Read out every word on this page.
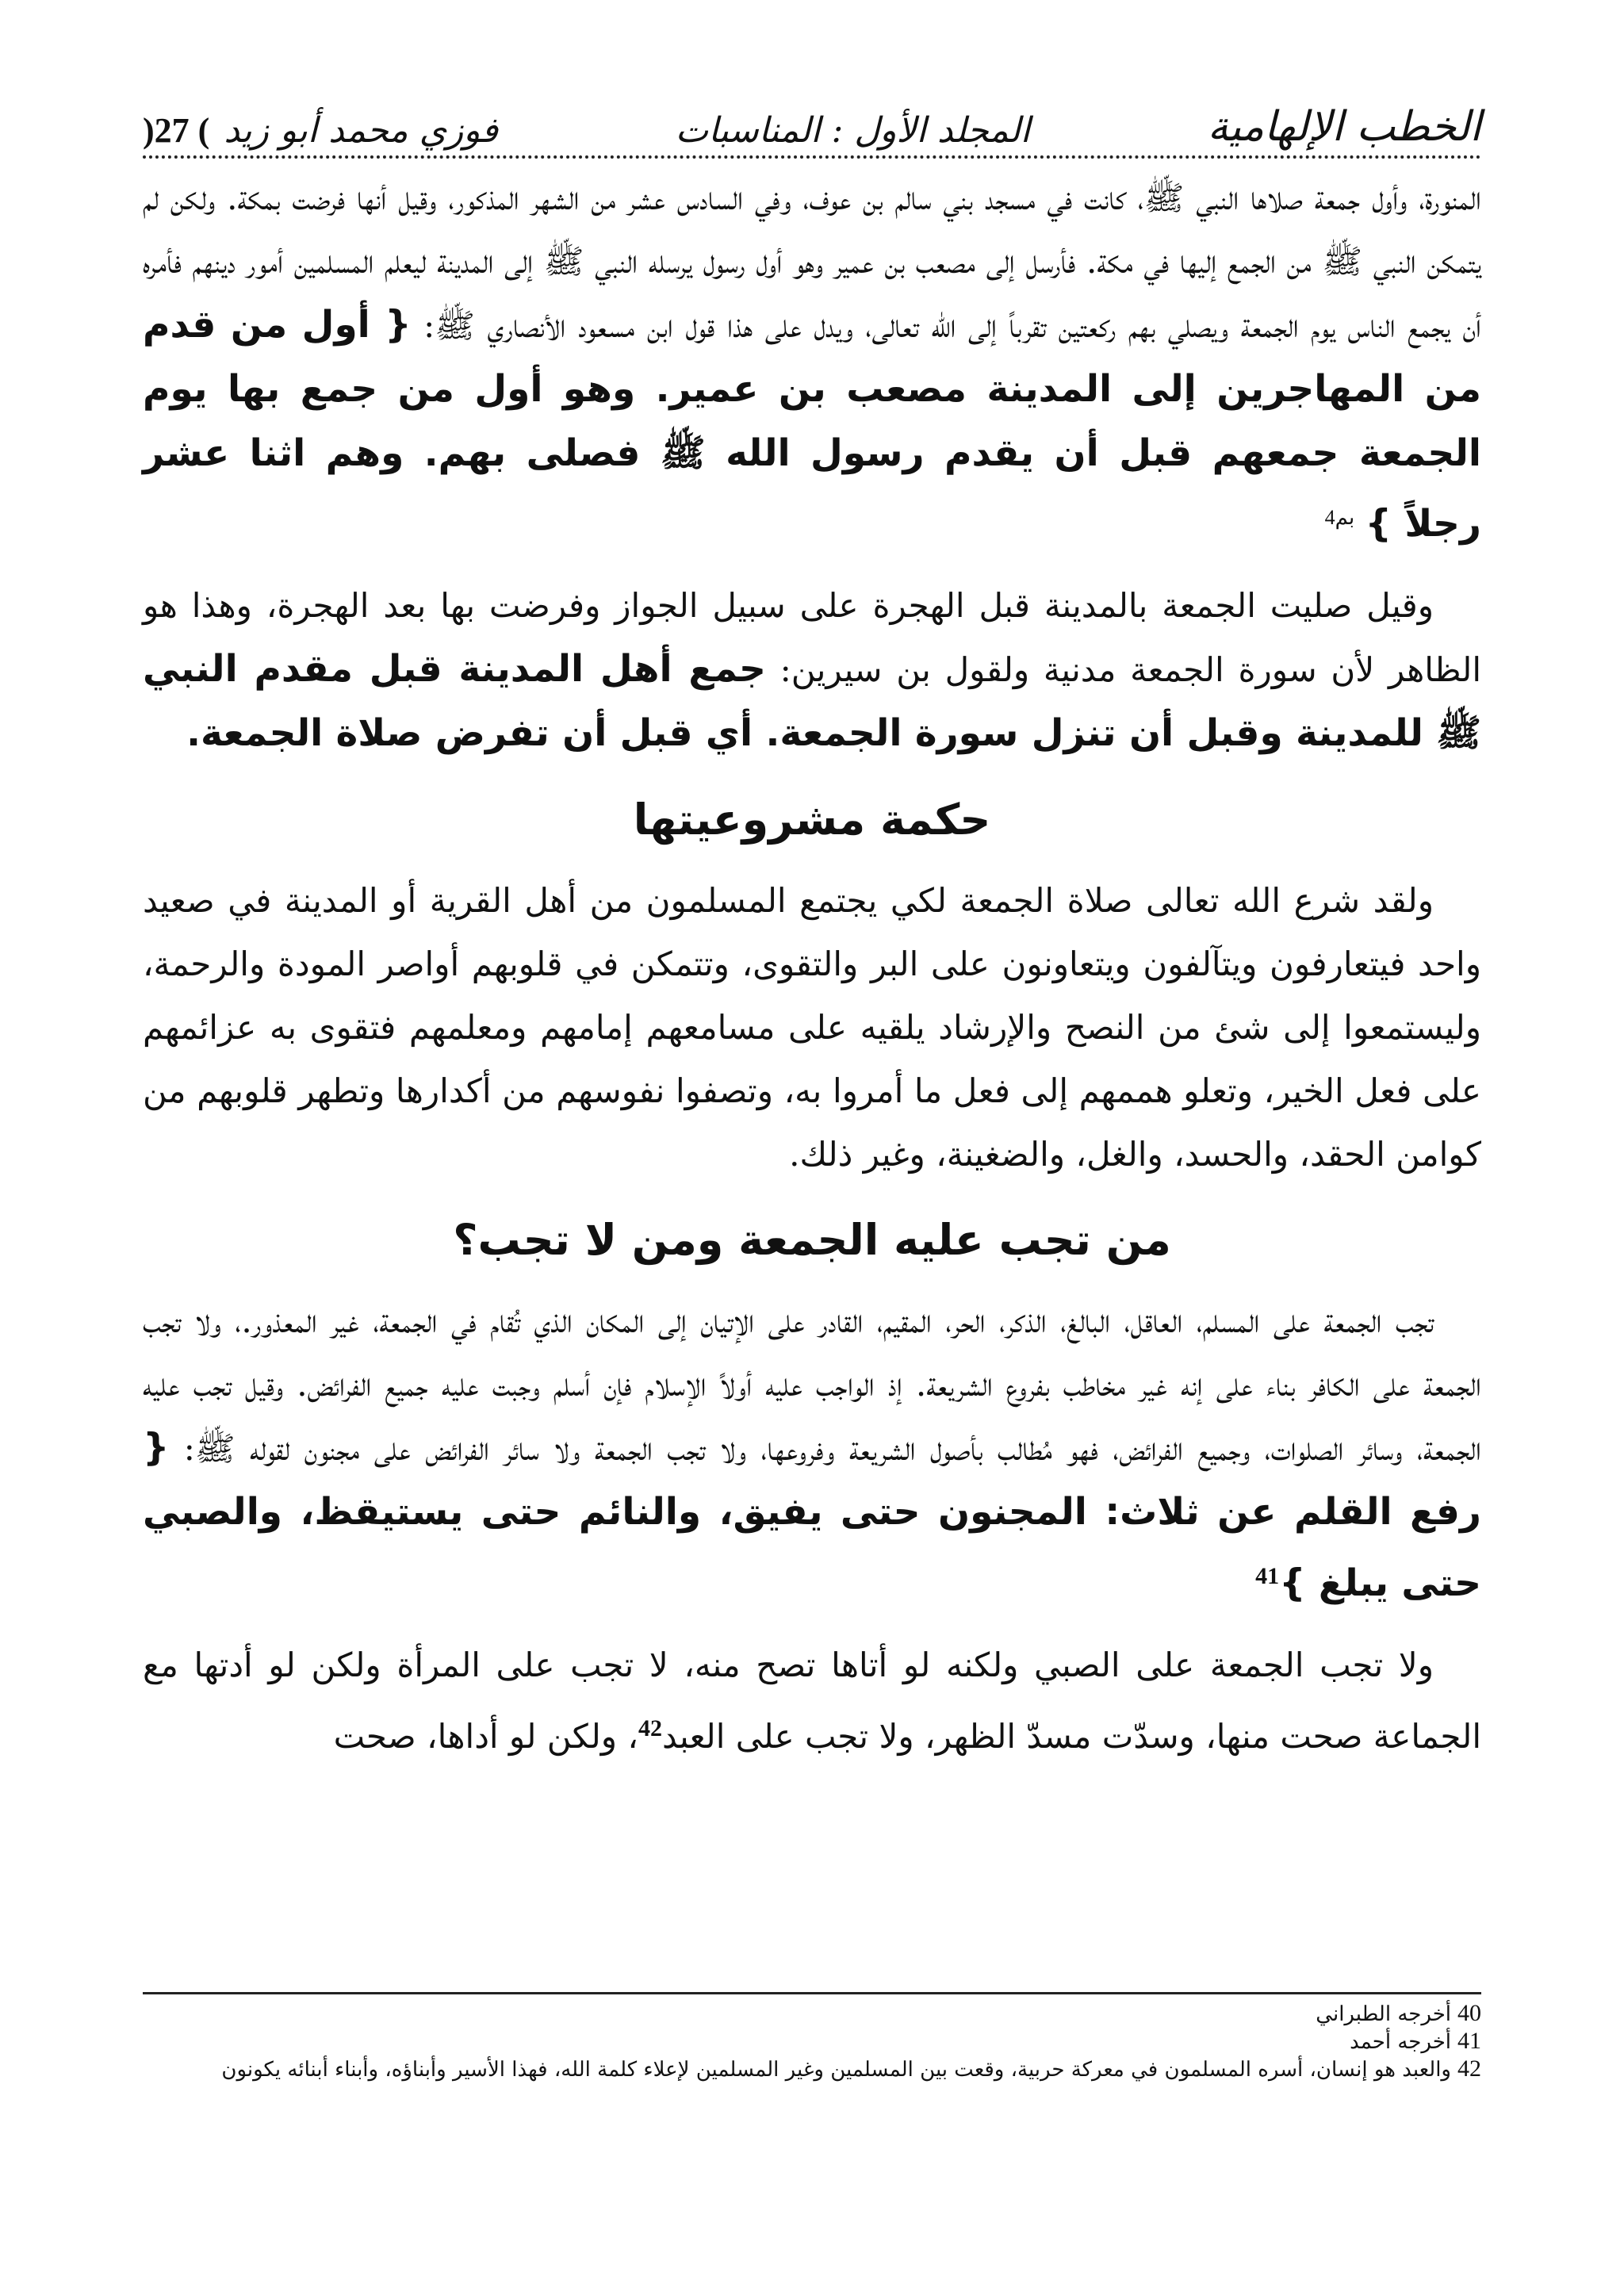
الخطب الإلهامية
المجلد الأول : المناسبات
فوزي محمد أبو زيد
)27 (

المنورة، وأول جمعة صلاها النبي ﷺ، كانت في مسجد بني سالم بن عوف، وفي السادس عشر من الشهر المذكور، وقيل أنها فرضت بمكة. ولكن لم يتمكن النبي ﷺ من الجمع إليها في مكة. فأرسل إلى مصعب بن عمير وهو أول رسول يرسله النبي ﷺ إلى المدينة ليعلم المسلمين أمور دينهم فأمره أن يجمع الناس يوم الجمعة ويصلي بهم ركعتين تقرباً إلى الله تعالى، ويدل على هذا قول ابن مسعود الأنصاري ﷺ: { أول من قدم من المهاجرين إلى المدينة مصعب بن عمير. وهو أول من جمع بها يوم الجمعة جمعهم قبل أن يقدم رسول الله ﷺ فصلى بهم. وهم اثنا عشر رجلاً } $^{4بم}$

وقيل صليت الجمعة بالمدينة قبل الهجرة على سبيل الجواز وفرضت بها بعد الهجرة، وهذا هو الظاهر لأن سورة الجمعة مدنية ولقول بن سيرين: جمع أهل المدينة قبل مقدم النبي ﷺ للمدينة وقبل أن تنزل سورة الجمعة. أي قبل أن تفرض صلاة الجمعة.

حكمة مشروعيتها

ولقد شرع الله تعالى صلاة الجمعة لكي يجتمع المسلمون من أهل القرية أو المدينة في صعيد واحد فيتعارفون ويتآلفون ويتعاونون على البر والتقوى، وتتمكن في قلوبهم أواصر المودة والرحمة، وليستمعوا إلى شئ من النصح والإرشاد يلقيه على مسامعهم إمامهم ومعلمهم فتقوى به عزائمهم على فعل الخير، وتعلو هممهم إلى فعل ما أمروا به، وتصفوا نفوسهم من أكدارها وتطهر قلوبهم من كوامن الحقد، والحسد، والغل، والضغينة، وغير ذلك.

من تجب عليه الجمعة ومن لا تجب؟

تجب الجمعة على المسلم، العاقل، البالغ، الذكر، الحر، المقيم، القادر على الإتيان إلى المكان الذي تُقام في الجمعة، غير المعذور.، ولا تجب الجمعة على الكافر بناء على إنه غير مخاطب بفروع الشريعة. إذ الواجب عليه أولاً الإسلام فإن أسلم وجبت عليه جميع الفرائض. وقيل تجب عليه الجمعة، وسائر الصلوات، وجميع الفرائض، فهو مُطالب بأصول الشريعة وفروعها، ولا تجب الجمعة ولا سائر الفرائض على مجنون لقوله ﷺ: { رفع القلم عن ثلاث: المجنون حتى يفيق، والنائم حتى يستيقظ، والصبي حتى يبلغ }$^{41}$

ولا تجب الجمعة على الصبي ولكنه لو أتاها تصح منه، لا تجب على المرأة ولكن لو أدتها مع الجماعة صحت منها، وسدّت مسدّ الظهر، ولا تجب على العبد$^{42}$، ولكن لو أداها، صحت

40أخرجه الطبراني
41أخرجه أحمد
42والعبد هو إنسان، أسره المسلمون في معركة حربية، وقعت بين المسلمين وغير المسلمين لإعلاء كلمة الله، فهذا الأسير وأبناؤه، وأبناء أبنائه يكونون
